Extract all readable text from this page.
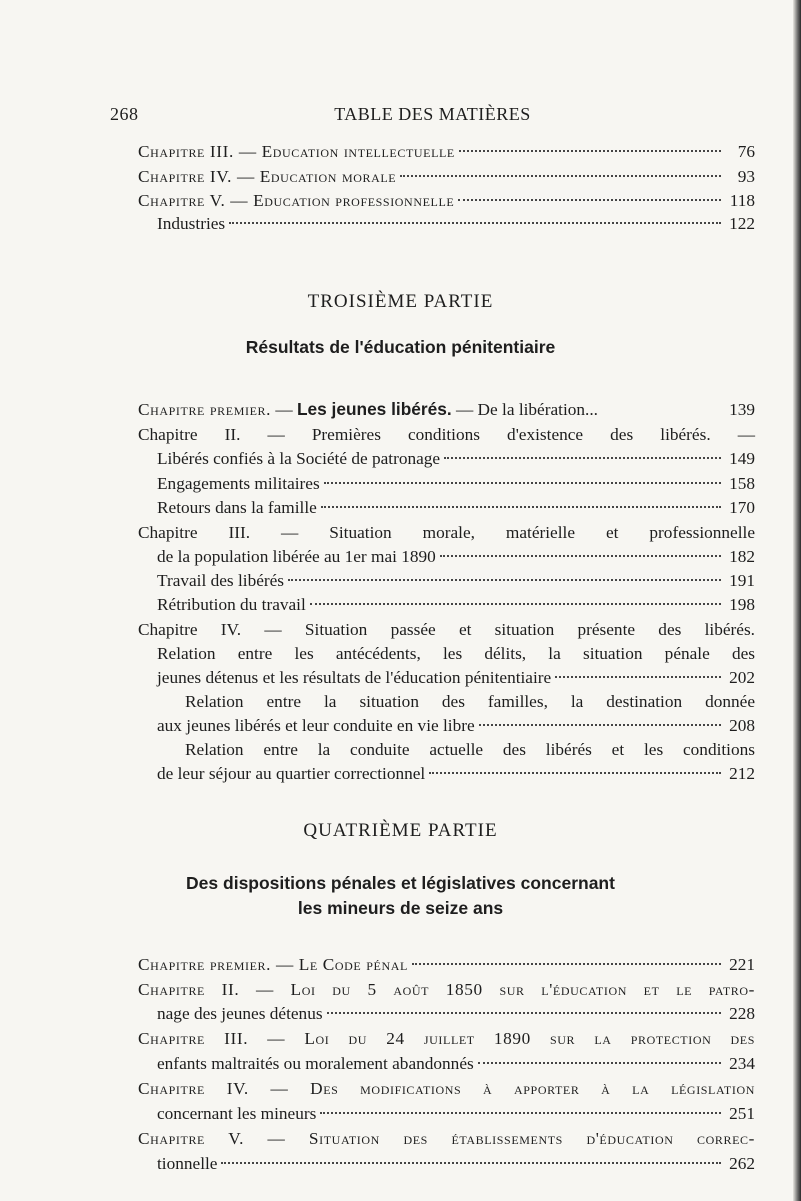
268	TABLE DES MATIÈRES
Chapitre III. — Education intellectuelle	76
Chapitre IV. — Education morale	93
Chapitre V. — Education professionnelle	118
Industries	122
TROISIÈME PARTIE
Résultats de l'éducation pénitentiaire
Chapitre premier. — Les jeunes libérés. — De la libération...	139
Chapitre II. — Premières conditions d'existence des libérés. —
Libérés confiés à la Société de patronage	149
Engagements militaires	158
Retours dans la famille	170
Chapitre III. — Situation morale, matérielle et professionnelle
de la population libérée au 1er mai 1890	182
Travail des libérés	191
Rétribution du travail	198
Chapitre IV. — Situation passée et situation présente des libérés.
Relation entre les antécédents, les délits, la situation pénale des
jeunes détenus et les résultats de l'éducation pénitentiaire	202
Relation entre la situation des familles, la destination donnée
aux jeunes libérés et leur conduite en vie libre	208
Relation entre la conduite actuelle des libérés et les conditions
de leur séjour au quartier correctionnel	212
QUATRIÈME PARTIE
Des dispositions pénales et législatives concernant
les mineurs de seize ans
Chapitre premier. — Le Code pénal	221
Chapitre II. — Loi du 5 août 1850 sur l'éducation et le patro-
nage des jeunes détenus	228
Chapitre III. — Loi du 24 juillet 1890 sur la protection des
enfants maltraités ou moralement abandonnés	234
Chapitre IV. — Des modifications à apporter à la législation
concernant les mineurs	251
Chapitre V. — Situation des établissements d'éducation correc-
tionnelle	262
